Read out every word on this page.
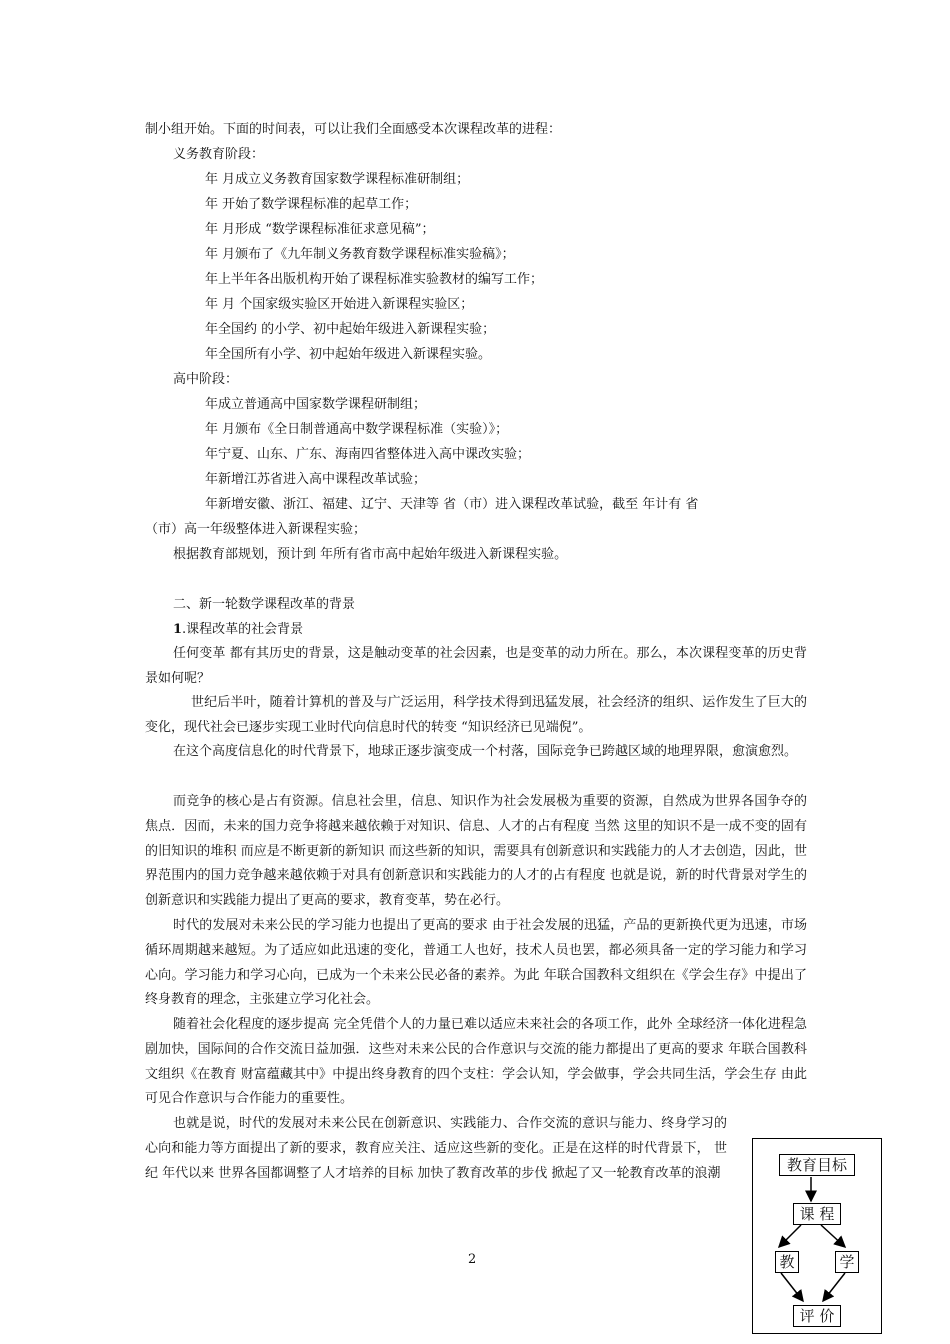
制小组开始。下面的时间表，可以让我们全面感受本次课程改革的进程：
义务教育阶段：
年 月成立义务教育国家数学课程标准研制组；
年 开始了数学课程标准的起草工作；
年 月形成 “数学课程标准征求意见稿”；
年 月颁布了《九年制义务教育数学课程标准实验稿》；
年上半年各出版机构开始了课程标准实验教材的编写工作；
年 月 个国家级实验区开始进入新课程实验区；
年全国约 的小学、初中起始年级进入新课程实验；
年全国所有小学、初中起始年级进入新课程实验。
高中阶段：
年成立普通高中国家数学课程研制组；
年 月颁布《全日制普通高中数学课程标准（实验）》；
年宁夏、山东、广东、海南四省整体进入高中课改实验；
年新增江苏省进入高中课程改革试验；
年新增安徽、浙江、福建、辽宁、天津等 省（市）进入课程改革试验，截至 年计有 省
（市）高一年级整体进入新课程实验；
根据教育部规划，预计到 年所有省市高中起始年级进入新课程实验。
二、新一轮数学课程改革的背景
1.课程改革的社会背景
任何变革 都有其历史的背景，这是触动变革的社会因素，也是变革的动力所在。那么，本次课程变革的历史背景如何呢？
世纪后半叶，随着计算机的普及与广泛运用，科学技术得到迅猛发展，社会经济的组织、运作发生了巨大的变化，现代社会已逐步实现工业时代向信息时代的转变 “知识经济已见端倪”。
在这个高度信息化的时代背景下，地球正逐步演变成一个村落，国际竞争已跨越区域的地理界限，愈演愈烈。
而竞争的核心是占有资源。信息社会里，信息、知识作为社会发展极为重要的资源，自然成为世界各国争夺的焦点．因而，未来的国力竞争将越来越依赖于对知识、信息、人才的占有程度 当然 这里的知识不是一成不变的固有的旧知识的堆积 而应是不断更新的新知识 而这些新的知识，需要具有创新意识和实践能力的人才去创造，因此，世界范围内的国力竞争越来越依赖于对具有创新意识和实践能力的人才的占有程度 也就是说，新的时代背景对学生的创新意识和实践能力提出了更高的要求，教育变革，势在必行。
时代的发展对未来公民的学习能力也提出了更高的要求 由于社会发展的迅猛，产品的更新换代更为迅速，市场循环周期越来越短。为了适应如此迅速的变化，普通工人也好，技术人员也罢，都必须具备一定的学习能力和学习心向。学习能力和学习心向，已成为一个未来公民必备的素养。为此 年联合国教科文组织在《学会生存》中提出了终身教育的理念，主张建立学习化社会。
随着社会化程度的逐步提高 完全凭借个人的力量已难以适应未来社会的各项工作，此外 全球经济一体化进程急剧加快，国际间的合作交流日益加强．这些对未来公民的合作意识与交流的能力都提出了更高的要求 年联合国教科文组织《在教育 财富蕴藏其中》中提出终身教育的四个支柱：学会认知，学会做事，学会共同生活，学会生存 由此可见合作意识与合作能力的重要性。
也就是说，时代的发展对未来公民在创新意识、实践能力、合作交流的意识与能力、终身学习的心向和能力等方面提出了新的要求，教育应关注、适应这些新的变化。正是在这样的时代背景下， 世纪 年代以来 世界各国都调整了人才培养的目标 加快了教育改革的步伐 掀起了又一轮教育改革的浪潮
2
教育目标
课 程
教	学
评 价
